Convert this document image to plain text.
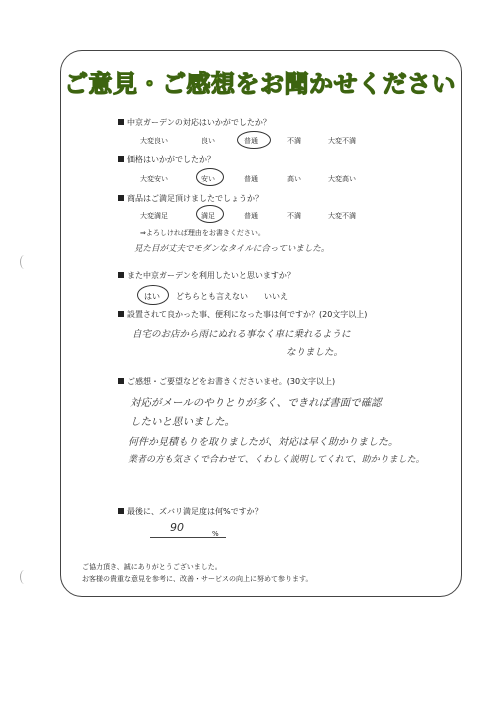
ご意見・ご感想をお聞かせください
中京ガーデンの対応はいかがでしたか？
大変良い	良い	普通	不満	大変不満
価格はいかがでしたか？
大変安い	安い	普通	高い	大変高い
商品はご満足頂けましたでしょうか？
大変満足	満足	普通	不満	大変不満
⇒よろしければ理由をお書きください。
見た目が丈夫でモダンなタイルに合っていました。
また中京ガーデンを利用したいと思いますか？
はい どちらとも言えない いいえ
設置されて良かった事、便利になった事は何ですか？(20文字以上)
自宅のお店から雨にぬれる事なく車に乗れるように
なりました。
ご感想・ご要望などをお書きくださいませ。(30文字以上)
対応がメールのやりとりが多く、できれば書面で確認
したいと思いました。
何件か見積もりを取りましたが、対応は早く助かりました。
業者の方も気さくで合わせて、くわしく説明してくれて、助かりました。
最後に、ズバリ満足度は何%ですか？
90	%
ご協力頂き、誠にありがとうございました。
お客様の貴重な意見を参考に、改善・サービスの向上に努めて参ります。
